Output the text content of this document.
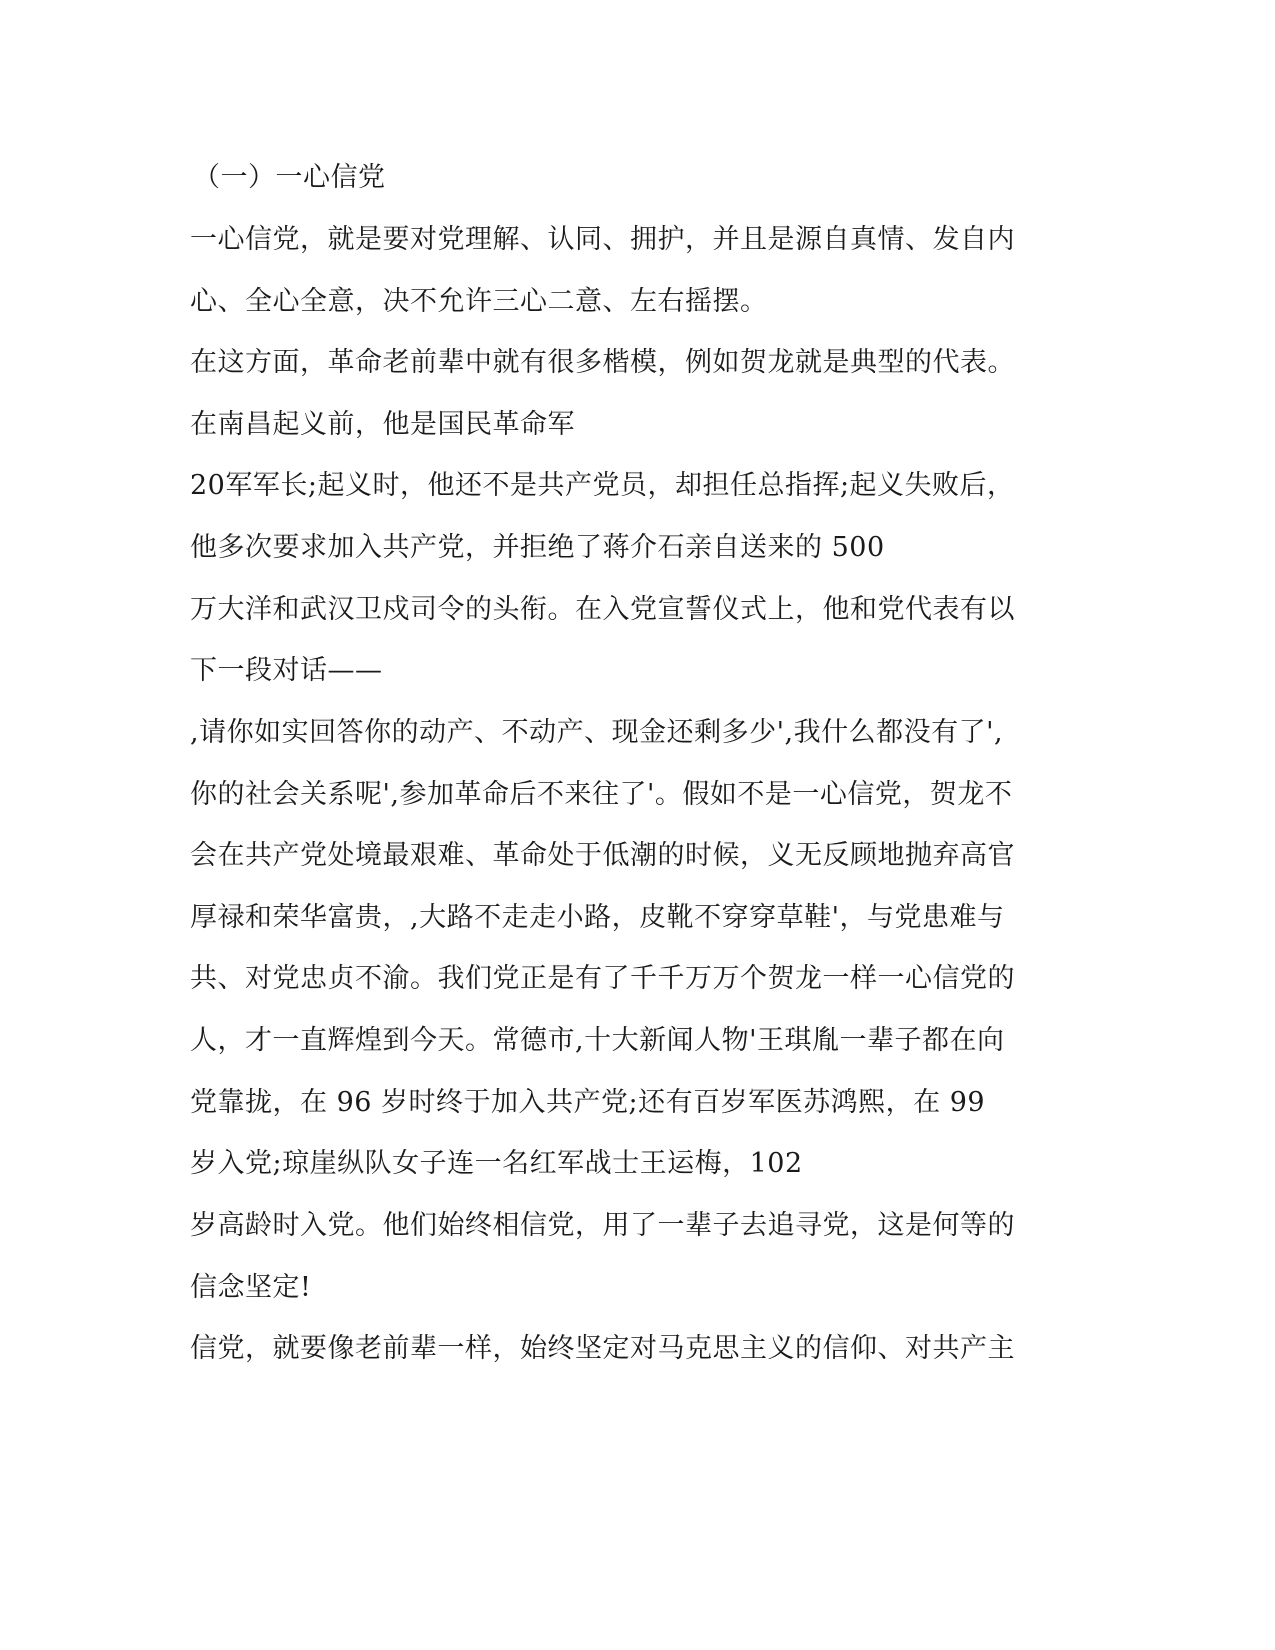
（一）一心信党
一心信党，就是要对党理解、认同、拥护，并且是源自真情、发自内
心、全心全意，决不允许三心二意、左右摇摆。
在这方面，革命老前辈中就有很多楷模，例如贺龙就是典型的代表。
在南昌起义前，他是国民革命军
20军军长;起义时，他还不是共产党员，却担任总指挥;起义失败后，
他多次要求加入共产党，并拒绝了蒋介石亲自送来的 500
万大洋和武汉卫戍司令的头衔。在入党宣誓仪式上，他和党代表有以
下一段对话——
,请你如实回答你的动产、不动产、现金还剩多少',我什么都没有了',
你的社会关系呢',参加革命后不来往了'。假如不是一心信党，贺龙不
会在共产党处境最艰难、革命处于低潮的时候，义无反顾地抛弃高官
厚禄和荣华富贵，,大路不走走小路，皮靴不穿穿草鞋'，与党患难与
共、对党忠贞不渝。我们党正是有了千千万万个贺龙一样一心信党的
人，才一直辉煌到今天。常德市,十大新闻人物'王琪胤一辈子都在向
党靠拢，在 96 岁时终于加入共产党;还有百岁军医苏鸿熙，在 99
岁入党;琼崖纵队女子连一名红军战士王运梅，102
岁高龄时入党。他们始终相信党，用了一辈子去追寻党，这是何等的
信念坚定!
信党，就要像老前辈一样，始终坚定对马克思主义的信仰、对共产主
